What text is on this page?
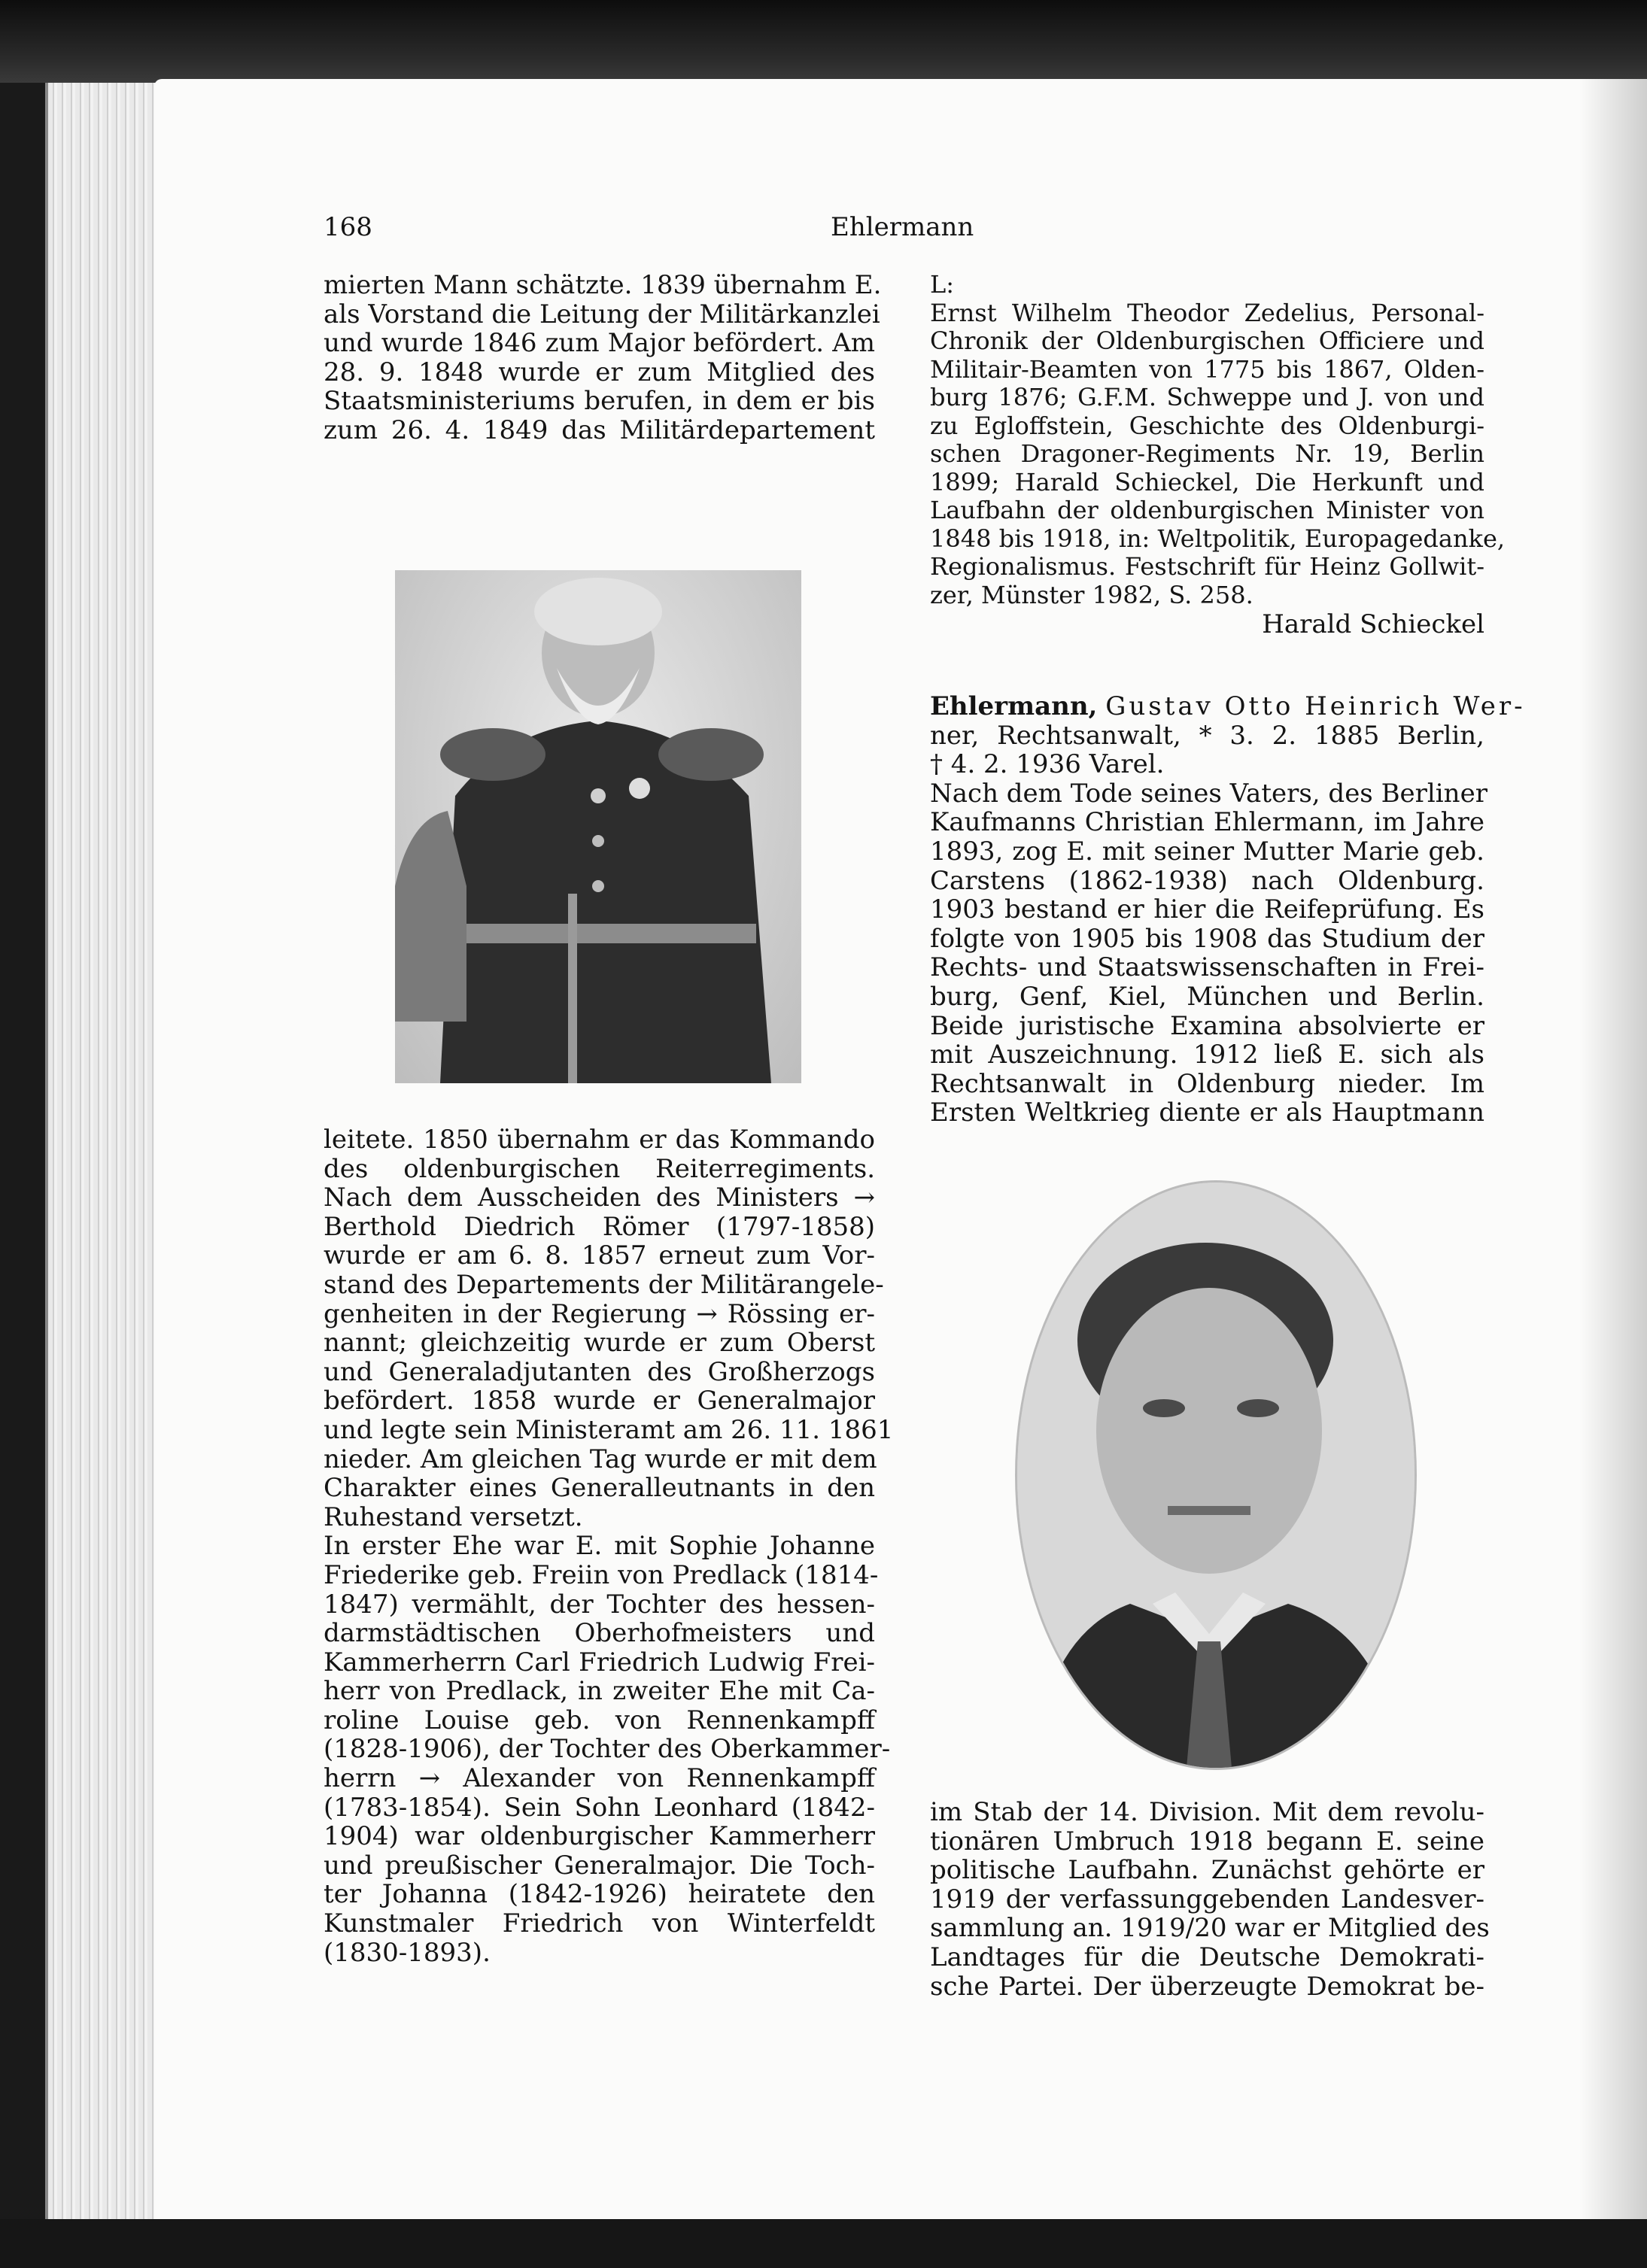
168	Ehlermann
mierten Mann schätzte. 1839 übernahm E.
als Vorstand die Leitung der Militärkanzlei
und wurde 1846 zum Major befördert. Am
28. 9. 1848 wurde er zum Mitglied des
Staatsministeriums berufen, in dem er bis
zum 26. 4. 1849 das Militärdepartement
leitete. 1850 übernahm er das Kommando
des oldenburgischen Reiterregiments.
Nach dem Ausscheiden des Ministers →
Berthold Diedrich Römer (1797-1858)
wurde er am 6. 8. 1857 erneut zum Vor-
stand des Departements der Militärangele-
genheiten in der Regierung → Rössing er-
nannt; gleichzeitig wurde er zum Oberst
und Generaladjutanten des Großherzogs
befördert. 1858 wurde er Generalmajor
und legte sein Ministeramt am 26. 11. 1861
nieder. Am gleichen Tag wurde er mit dem
Charakter eines Generalleutnants in den
Ruhestand versetzt.
In erster Ehe war E. mit Sophie Johanne
Friederike geb. Freiin von Predlack (1814-
1847) vermählt, der Tochter des hessen-
darmstädtischen Oberhofmeisters und
Kammerherrn Carl Friedrich Ludwig Frei-
herr von Predlack, in zweiter Ehe mit Ca-
roline Louise geb. von Rennenkampff
(1828-1906), der Tochter des Oberkammer-
herrn → Alexander von Rennenkampff
(1783-1854). Sein Sohn Leonhard (1842-
1904) war oldenburgischer Kammerherr
und preußischer Generalmajor. Die Toch-
ter Johanna (1842-1926) heiratete den
Kunstmaler Friedrich von Winterfeldt
(1830-1893).
L:
Ernst Wilhelm Theodor Zedelius, Personal-
Chronik der Oldenburgischen Officiere und
Militair-Beamten von 1775 bis 1867, Olden-
burg 1876; G.F.M. Schweppe und J. von und
zu Egloffstein, Geschichte des Oldenburgi-
schen Dragoner-Regiments Nr. 19, Berlin
1899; Harald Schieckel, Die Herkunft und
Laufbahn der oldenburgischen Minister von
1848 bis 1918, in: Weltpolitik, Europagedanke,
Regionalismus. Festschrift für Heinz Gollwit-
zer, Münster 1982, S. 258.
Harald Schieckel
Ehlermann, Gustav Otto Heinrich Wer-
ner, Rechtsanwalt, * 3. 2. 1885 Berlin,
† 4. 2. 1936 Varel.
Nach dem Tode seines Vaters, des Berliner
Kaufmanns Christian Ehlermann, im Jahre
1893, zog E. mit seiner Mutter Marie geb.
Carstens (1862-1938) nach Oldenburg.
1903 bestand er hier die Reifeprüfung. Es
folgte von 1905 bis 1908 das Studium der
Rechts- und Staatswissenschaften in Frei-
burg, Genf, Kiel, München und Berlin.
Beide juristische Examina absolvierte er
mit Auszeichnung. 1912 ließ E. sich als
Rechtsanwalt in Oldenburg nieder. Im
Ersten Weltkrieg diente er als Hauptmann
im Stab der 14. Division. Mit dem revolu-
tionären Umbruch 1918 begann E. seine
politische Laufbahn. Zunächst gehörte er
1919 der verfassunggebenden Landesver-
sammlung an. 1919/20 war er Mitglied des
Landtages für die Deutsche Demokrati-
sche Partei. Der überzeugte Demokrat be-
